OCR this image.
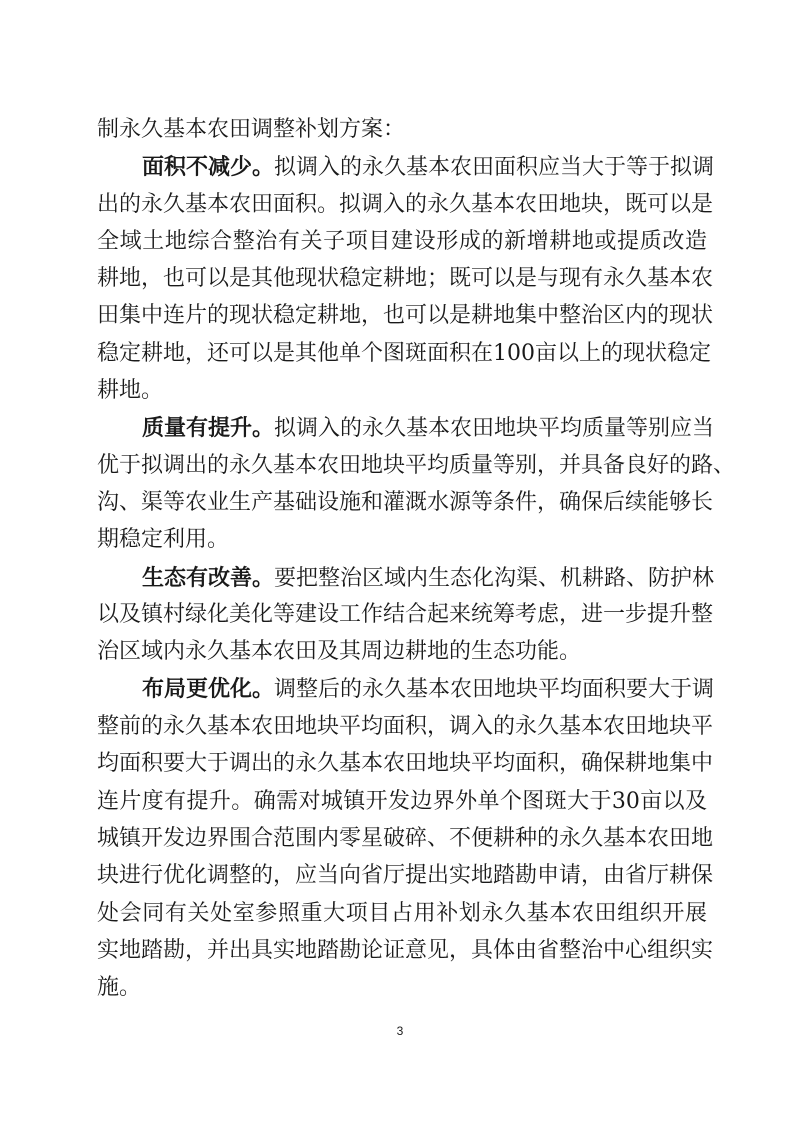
制永久基本农田调整补划方案：
面积不减少。拟调入的永久基本农田面积应当大于等于拟调
出的永久基本农田面积。拟调入的永久基本农田地块，既可以是
全域土地综合整治有关子项目建设形成的新增耕地或提质改造
耕地，也可以是其他现状稳定耕地；既可以是与现有永久基本农
田集中连片的现状稳定耕地，也可以是耕地集中整治区内的现状
稳定耕地，还可以是其他单个图斑面积在100亩以上的现状稳定
耕地。
质量有提升。拟调入的永久基本农田地块平均质量等别应当
优于拟调出的永久基本农田地块平均质量等别，并具备良好的路、
沟、渠等农业生产基础设施和灌溉水源等条件，确保后续能够长
期稳定利用。
生态有改善。要把整治区域内生态化沟渠、机耕路、防护林
以及镇村绿化美化等建设工作结合起来统筹考虑，进一步提升整
治区域内永久基本农田及其周边耕地的生态功能。
布局更优化。调整后的永久基本农田地块平均面积要大于调
整前的永久基本农田地块平均面积，调入的永久基本农田地块平
均面积要大于调出的永久基本农田地块平均面积，确保耕地集中
连片度有提升。确需对城镇开发边界外单个图斑大于30亩以及
城镇开发边界围合范围内零星破碎、不便耕种的永久基本农田地
块进行优化调整的，应当向省厅提出实地踏勘申请，由省厅耕保
处会同有关处室参照重大项目占用补划永久基本农田组织开展
实地踏勘，并出具实地踏勘论证意见，具体由省整治中心组织实
施。
3
